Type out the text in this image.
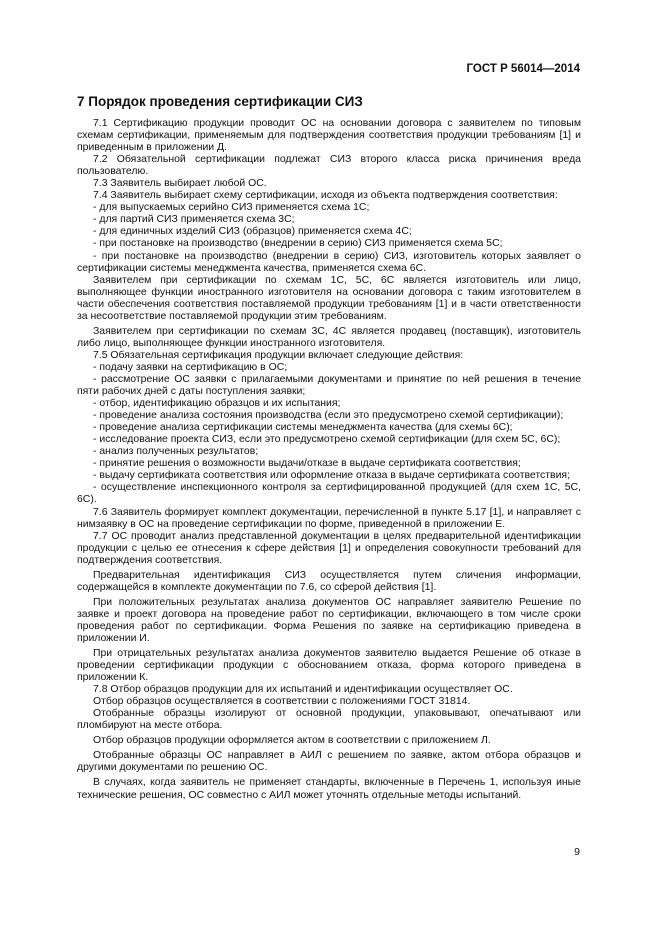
ГОСТ Р 56014—2014
7 Порядок проведения сертификации СИЗ

7.1 Сертификацию продукции проводит ОС на основании договора с заявителем по типовым схемам сертификации, применяемым для подтверждения соответствия продукции требованиям [1] и приведенным в приложении Д.

7.2 Обязательной сертификации подлежат СИЗ второго класса риска причинения вреда пользователю.

7.3 Заявитель выбирает любой ОС.

7.4 Заявитель выбирает схему сертификации, исходя из объекта подтверждения соответствия:

- для выпускаемых серийно СИЗ применяется схема 1С;

- для партий СИЗ применяется схема 3С;

- для единичных изделий СИЗ (образцов) применяется схема 4С;

- при постановке на производство (внедрении в серию) СИЗ применяется схема 5С;

- при постановке на производство (внедрении в серию) СИЗ, изготовитель которых заявляет о сертификации системы менеджмента качества, применяется схема 6С.

Заявителем при сертификации по схемам 1С, 5С, 6С является изготовитель или лицо, выполняющее функции иностранного изготовителя на основании договора с таким изготовителем в части обеспечения соответствия поставляемой продукции требованиям [1] и в части ответственности за несоответствие поставляемой продукции этим требованиям.

Заявителем при сертификации по схемам 3С, 4С является продавец (поставщик), изготовитель либо лицо, выполняющее функции иностранного изготовителя.

7.5 Обязательная сертификация продукции включает следующие действия:

- подачу заявки на сертификацию в ОС;

- рассмотрение ОС заявки с прилагаемыми документами и принятие по ней решения в течение пяти рабочих дней с даты поступления заявки;

- отбор, идентификацию образцов и их испытания;

- проведение анализа состояния производства (если это предусмотрено схемой сертификации);

- проведение анализа сертификации системы менеджмента качества (для схемы 6С);

- исследование проекта СИЗ, если это предусмотрено схемой сертификации (для схем 5С, 6С);

- анализ полученных результатов;

- принятие решения о возможности выдачи/отказе в выдаче сертификата соответствия;

- выдачу сертификата соответствия или оформление отказа в выдаче сертификата соответствия;

- осуществление инспекционного контроля за сертифицированной продукцией (для схем 1С, 5С, 6С).

7.6 Заявитель формирует комплект документации, перечисленной в пункте 5.17 [1], и направляет с нимзаявку в ОС на проведение сертификации по форме, приведенной в приложении Е.

7.7 ОС проводит анализ представленной документации в целях предварительной идентификации продукции с целью ее отнесения к сфере действия [1] и определения совокупности требований для подтверждения соответствия.

Предварительная идентификация СИЗ осуществляется путем сличения информации, содержащейся в комплекте документации по 7.6, со сферой действия [1].

При положительных результатах анализа документов ОС направляет заявителю Решение по заявке и проект договора на проведение работ по сертификации, включающего в том числе сроки проведения работ по сертификации. Форма Решения по заявке на сертификацию приведена в приложении И.

При отрицательных результатах анализа документов заявителю выдается Решение об отказе в проведении сертификации продукции с обоснованием отказа, форма которого приведена в приложении К.

7.8 Отбор образцов продукции для их испытаний и идентификации осуществляет ОС.

Отбор образцов осуществляется в соответствии с положениями ГОСТ 31814.

Отобранные образцы изолируют от основной продукции, упаковывают, опечатывают или пломбируют на месте отбора.

Отбор образцов продукции оформляется актом в соответствии с приложением Л.

Отобранные образцы ОС направляет в АИЛ с решением по заявке, актом отбора образцов и другими документами по решению ОС.

В случаях, когда заявитель не применяет стандарты, включенные в Перечень 1, используя иные технические решения, ОС совместно с АИЛ может уточнять отдельные методы испытаний.

9
